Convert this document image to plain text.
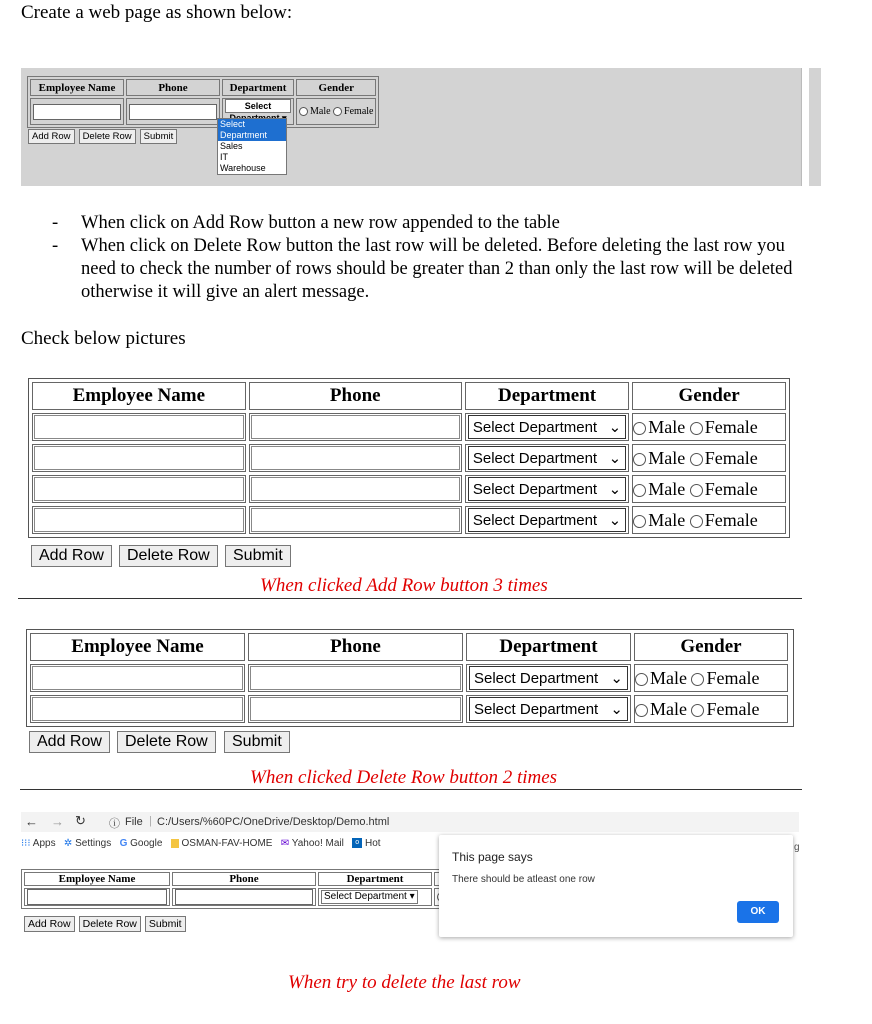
Create a web page as shown below:
Employee Name	Phone	Department	Gender
		Select	Male Female
Add Row Delete Row Submit
Select Department
Sales
IT
Warehouse
- When click on Add Row button a new row appended to the table
- When click on Delete Row button the last row will be deleted. Before deleting the last row you need to check the number of rows should be greater than 2 than only the last row will be deleted otherwise it will give an alert message.
Check below pictures
Employee Name	Phone	Department	Gender

		Select Department ⌄	Male Female

		Select Department ⌄	Male Female

		Select Department ⌄	Male Female

		Select Department ⌄	Male Female
Add Row	Delete Row	Submit
When clicked Add Row button 3 times
Employee Name	Phone	Department	Gender

		Select Department ⌄	Male Female

		Select Department ⌄	Male Female
Add Row	Delete Row	Submit
When clicked Delete Row button 2 times
← → ↻ ⓘ File | C:/Users/%60PC/OneDrive/Desktop/Demo.html
⁝⁝⁝ Apps ✲ Settings G Google OSMAN-FAV-HOME ✉ Yahoo! Mail o Hot	g
Employee Name	Phone	Department	
		Select Department ▾	
Add Row Delete Row Submit
This page says
There should be atleast one row
OK
When try to delete the last row
